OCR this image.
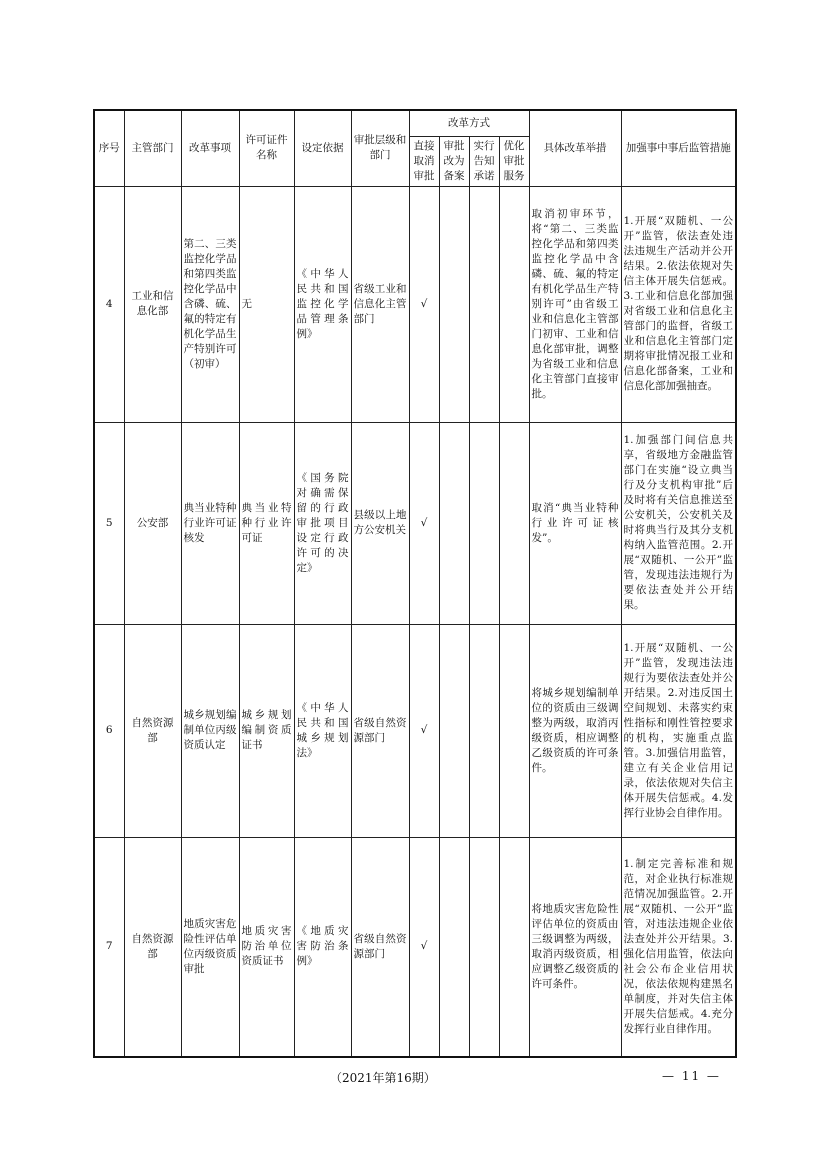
序号	主管部门	改革事项	许可证件名称	设定依据	审批层级和部门	改革方式				具体改革举措	加强事中事后监管措施
						直接取消审批	审批改为备案	实行告知承诺	优化审批服务		
4	工业和信息化部	第二、三类监控化学品和第四类监控化学品中含磷、硫、氟的特定有机化学品生产特别许可（初审）	无	《中华人民共和国监控化学品管理条例》	省级工业和信息化主管部门	√				取消初审环节，将“第二、三类监控化学品和第四类监控化学品中含磷、硫、氟的特定有机化学品生产特别许可”由省级工业和信息化主管部门初审、工业和信息化部审批，调整为省级工业和信息化主管部门直接审批。	1.开展“双随机、一公开”监管，依法查处违法违规生产活动并公开结果。2.依法依规对失信主体开展失信惩戒。3.工业和信息化部加强对省级工业和信息化主管部门的监督，省级工业和信息化主管部门定期将审批情况报工业和信息化部备案，工业和信息化部加强抽查。
5	公安部	典当业特种行业许可证核发	典当业特种行业许可证	《国务院对确需保留的行政审批项目设定行政许可的决定》	县级以上地方公安机关	√				取消“典当业特种行业许可证核发”。	1.加强部门间信息共享，省级地方金融监管部门在实施“设立典当行及分支机构审批”后及时将有关信息推送至公安机关，公安机关及时将典当行及其分支机构纳入监管范围。2.开展“双随机、一公开”监管，发现违法违规行为要依法查处并公开结果。
6	自然资源部	城乡规划编制单位丙级资质认定	城乡规划编制资质证书	《中华人民共和国城乡规划法》	省级自然资源部门	√				将城乡规划编制单位的资质由三级调整为两级，取消丙级资质，相应调整乙级资质的许可条件。	1.开展“双随机、一公开”监管，发现违法违规行为要依法查处并公开结果。2.对违反国土空间规划、未落实约束性指标和刚性管控要求的机构，实施重点监管。3.加强信用监管，建立有关企业信用记录，依法依规对失信主体开展失信惩戒。4.发挥行业协会自律作用。
7	自然资源部	地质灾害危险性评估单位丙级资质审批	地质灾害防治单位资质证书	《地质灾害防治条例》	省级自然资源部门	√				将地质灾害危险性评估单位的资质由三级调整为两级，取消丙级资质，相应调整乙级资质的许可条件。	1.制定完善标准和规范，对企业执行标准规范情况加强监管。2.开展“双随机、一公开”监管，对违法违规企业依法查处并公开结果。3.强化信用监管，依法向社会公布企业信用状况，依法依规构建黑名单制度，并对失信主体开展失信惩戒。4.充分发挥行业自律作用。
（2021年第16期）	— 11 —
